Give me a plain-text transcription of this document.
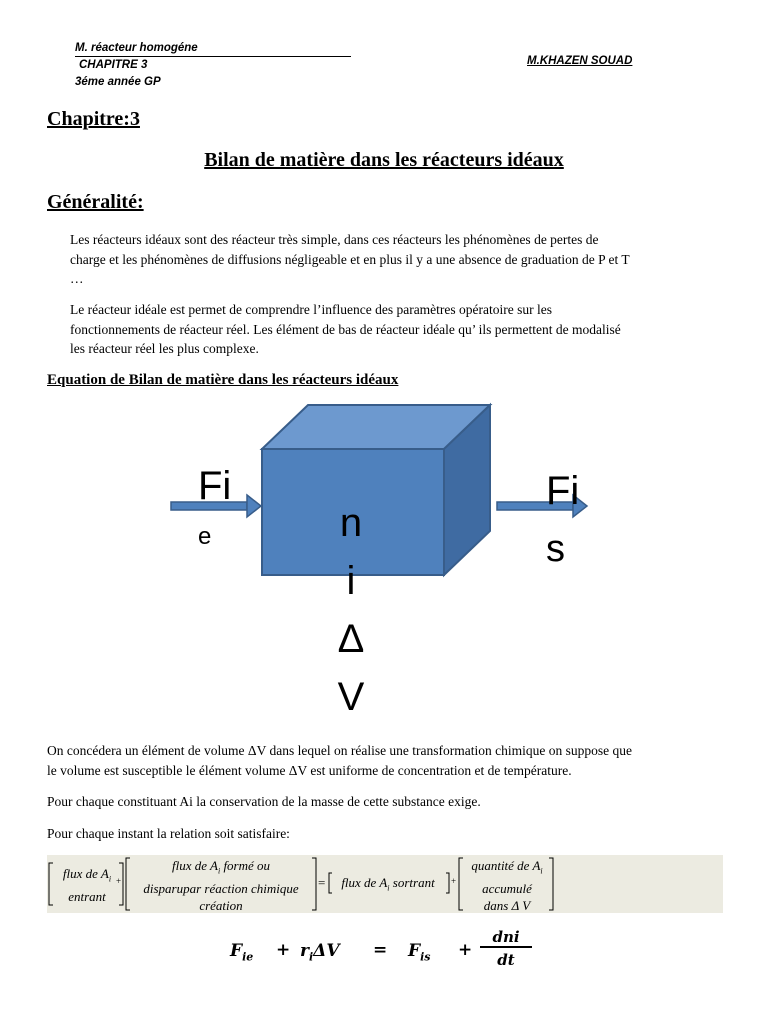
M. réacteur homogéne
CHAPITRE 3
3éme année GP
M.KHAZEN SOUAD
Chapitre:3
Bilan de matière dans les réacteurs idéaux
Généralité:
Les réacteurs idéaux sont des réacteur très simple, dans ces réacteurs les phénomènes de pertes de
charge et les phénomènes de diffusions négligeable et en plus il y a une absence de graduation de P et T
…
Le réacteur idéale est permet de comprendre l’influence des paramètres opératoire sur les
fonctionnements de réacteur réel. Les élément de bas de réacteur idéale qu’ ils permettent de modalisé
les réacteur réel les plus complexe.
Equation de Bilan de matière dans les réacteurs idéaux
Fi
e
Fi
s
n
i
Δ
V
On concédera un élément de volume ΔV dans lequel on réalise une transformation chimique on suppose que
le volume est susceptible le élément volume ΔV est uniforme de concentration et de température.
Pour chaque constituant Ai la conservation de la masse de cette substance exige.
Pour chaque instant la relation soit satisfaire:
flux de $A_i$
entrant
+
flux de $A_i$ formé ou
disparupar réaction chimique
création
=	flux de $A_i$ sortrant	+
quantité de $A_i$
accumulé
dans Δ V
$F_{ie} + r_i\Delta V = F_{is}$ +
dni
dt
